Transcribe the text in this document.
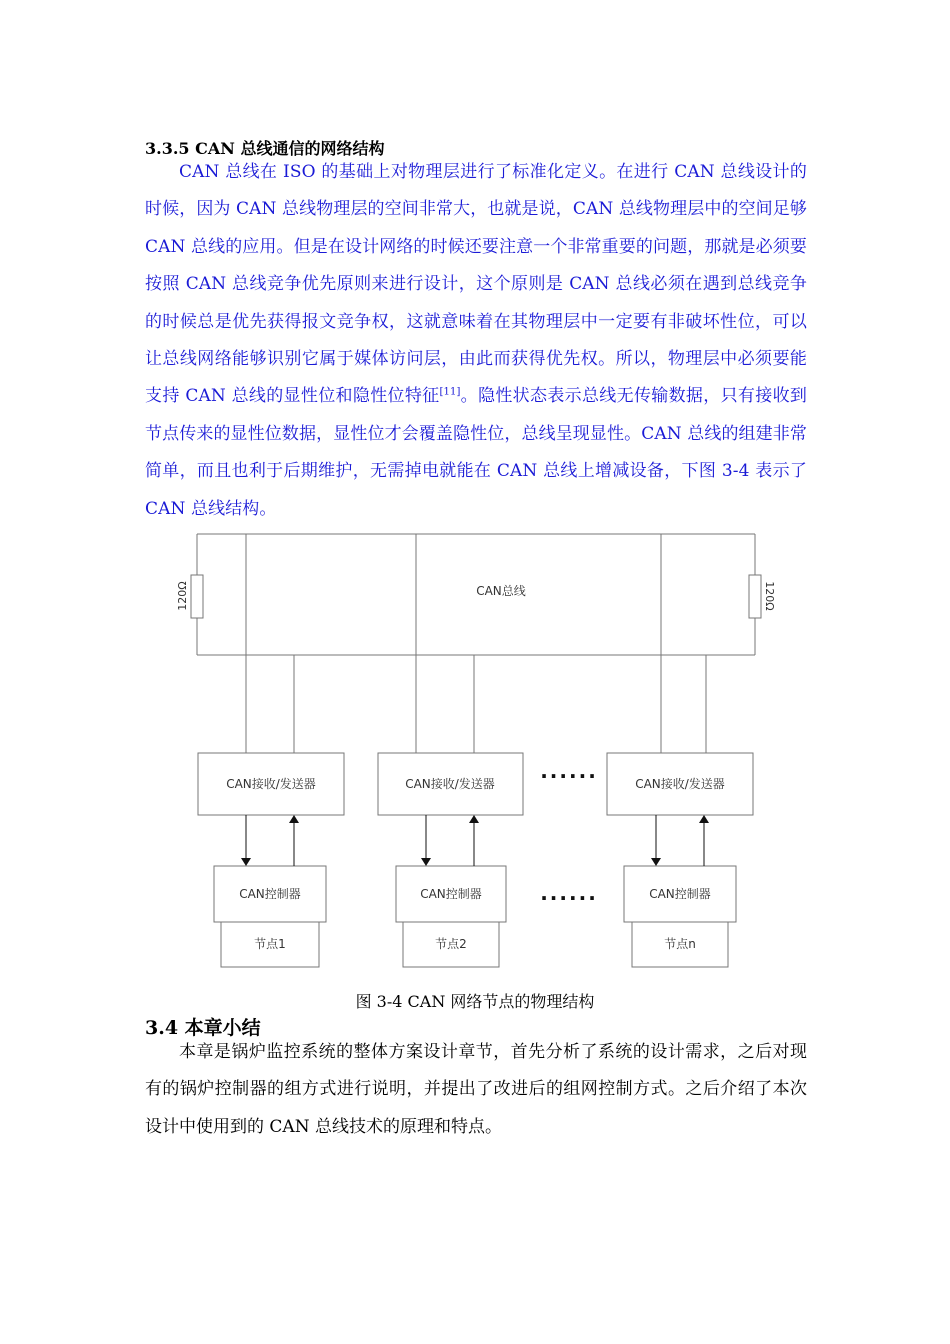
3.3.5 CAN 总线通信的网络结构

CAN 总线在 ISO 的基础上对物理层进行了标准化定义。在进行 CAN 总线设计的时候，因为 CAN 总线物理层的空间非常大，也就是说，CAN 总线物理层中的空间足够 CAN 总线的应用。但是在设计网络的时候还要注意一个非常重要的问题，那就是必须要按照 CAN 总线竞争优先原则来进行设计，这个原则是 CAN 总线必须在遇到总线竞争的时候总是优先获得报文竞争权，这就意味着在其物理层中一定要有非破坏性位，可以让总线网络能够识别它属于媒体访问层，由此而获得优先权。所以，物理层中必须要能支持 CAN 总线的显性位和隐性位特征[11]。隐性状态表示总线无传输数据，只有接收到节点传来的显性位数据，显性位才会覆盖隐性位，总线呈现显性。CAN 总线的组建非常简单，而且也利于后期维护，无需掉电就能在 CAN 总线上增减设备，下图 3-4 表示了 CAN 总线结构。

CAN总线
120Ω	120Ω
CAN接收/发送器	CAN接收/发送器	CAN接收/发送器
CAN控制器	CAN控制器	CAN控制器
节点1	节点2	节点n
......
......

图 3-4 CAN 网络节点的物理结构

3.4 本章小结

本章是锅炉监控系统的整体方案设计章节，首先分析了系统的设计需求，之后对现有的锅炉控制器的组方式进行说明，并提出了改进后的组网控制方式。之后介绍了本次设计中使用到的 CAN 总线技术的原理和特点。
